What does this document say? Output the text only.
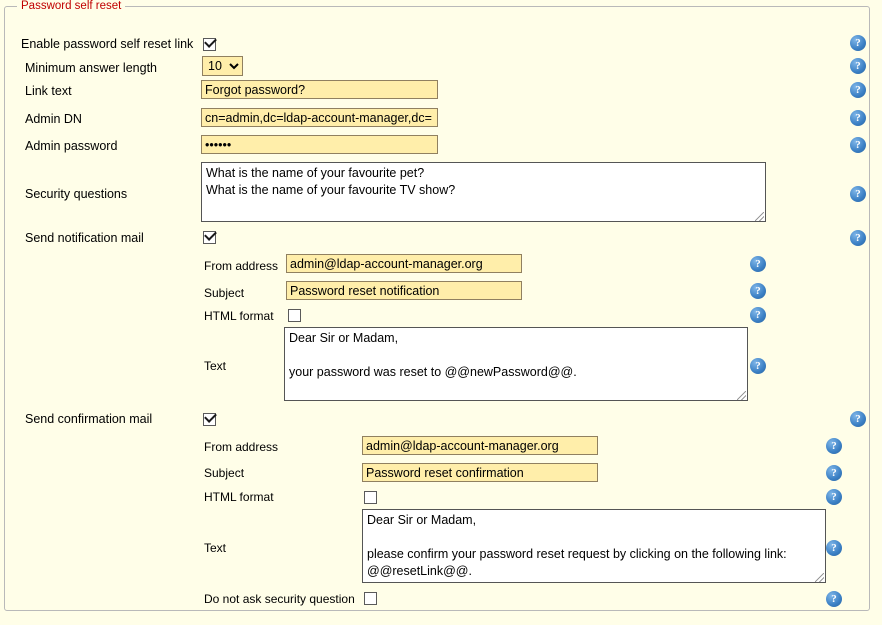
Password self reset
Enable password self reset link
?
Minimum answer length
10
?
Link text
Forgot password?
?
Admin DN
cn=admin,dc=ldap-account-manager,dc=
?
Admin password
••••••
?
Security questions
What is the name of your favourite pet? What is the name of your favourite TV show?
?
Send notification mail
?
From address
admin@ldap-account-manager.org
?
Subject
Password reset notification
?
HTML format
?
Text
Dear Sir or Madam, your password was reset to @@newPassword@@.
?
Send confirmation mail
?
From address
admin@ldap-account-manager.org
?
Subject
Password reset confirmation
?
HTML format
?
Text
Dear Sir or Madam, please confirm your password reset request by clicking on the following link: @@resetLink@@.
?
Do not ask security question
?
